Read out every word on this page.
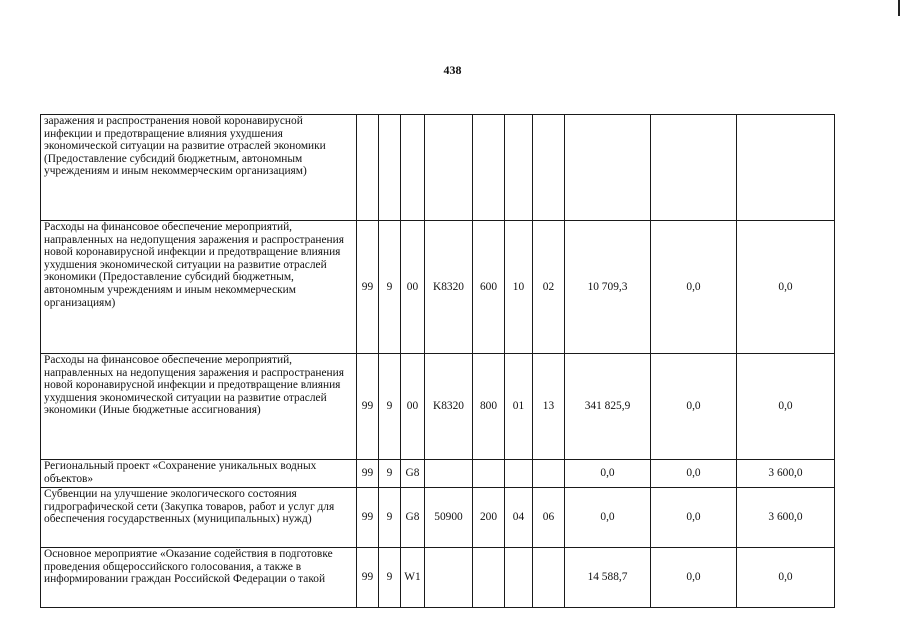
438
заражения и распространения новой коронавирусной инфекции и предотвращение влияния ухудшения экономической ситуации на развитие отраслей экономики (Предоставление субсидий бюджетным, автономным учреждениям и иным некоммерческим организациям)										
Расходы на финансовое обеспечение мероприятий, направленных на недопущения заражения и распространения новой коронавирусной инфекции и предотвращение влияния ухудшения экономической ситуации на развитие отраслей экономики (Предоставление субсидий бюджетным, автономным учреждениям и иным некоммерческим организациям)	99	9	00	K8320	600	10	02	10 709,3	0,0	0,0
Расходы на финансовое обеспечение мероприятий, направленных на недопущения заражения и распространения новой коронавирусной инфекции и предотвращение влияния ухудшения экономической ситуации на развитие отраслей экономики (Иные бюджетные ассигнования)	99	9	00	K8320	800	01	13	341 825,9	0,0	0,0
Региональный проект «Сохранение уникальных водных объектов»	99	9	G8					0,0	0,0	3 600,0
Субвенции на улучшение экологического состояния гидрографической сети (Закупка товаров, работ и услуг для обеспечения государственных (муниципальных) нужд)	99	9	G8	50900	200	04	06	0,0	0,0	3 600,0
Основное мероприятие «Оказание содействия в подготовке проведения общероссийского голосования, а также в информировании граждан Российской Федерации о такой	99	9	W1					14 588,7	0,0	0,0
